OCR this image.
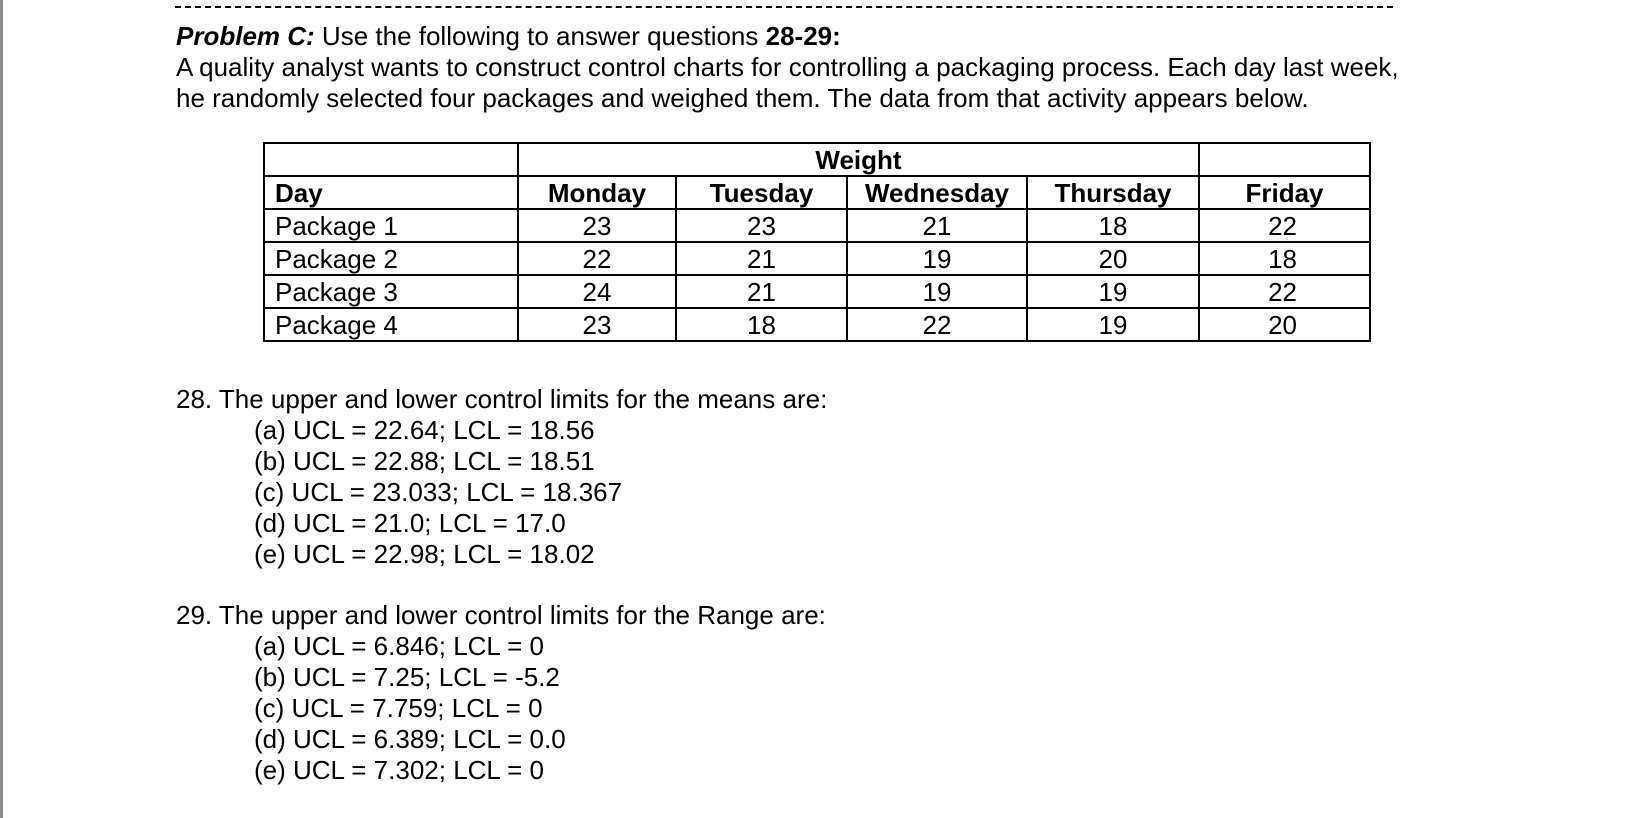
Problem C: Use the following to answer questions 28-29:
A quality analyst wants to construct control charts for controlling a packaging process. Each day last week,
he randomly selected four packages and weighed them. The data from that activity appears below.
	Weight				
Day	Monday	Tuesday	Wednesday	Thursday	Friday
Package 1	23	23	21	18	22
Package 2	22	21	19	20	18
Package 3	24	21	19	19	22
Package 4	23	18	22	19	20
28. The upper and lower control limits for the means are:
(a) UCL = 22.64; LCL = 18.56
(b) UCL = 22.88; LCL = 18.51
(c) UCL = 23.033; LCL = 18.367
(d) UCL = 21.0; LCL = 17.0
(e) UCL = 22.98; LCL = 18.02
29. The upper and lower control limits for the Range are:
(a) UCL = 6.846; LCL = 0
(b) UCL = 7.25; LCL = -5.2
(c) UCL = 7.759; LCL = 0
(d) UCL = 6.389; LCL = 0.0
(e) UCL = 7.302; LCL = 0
